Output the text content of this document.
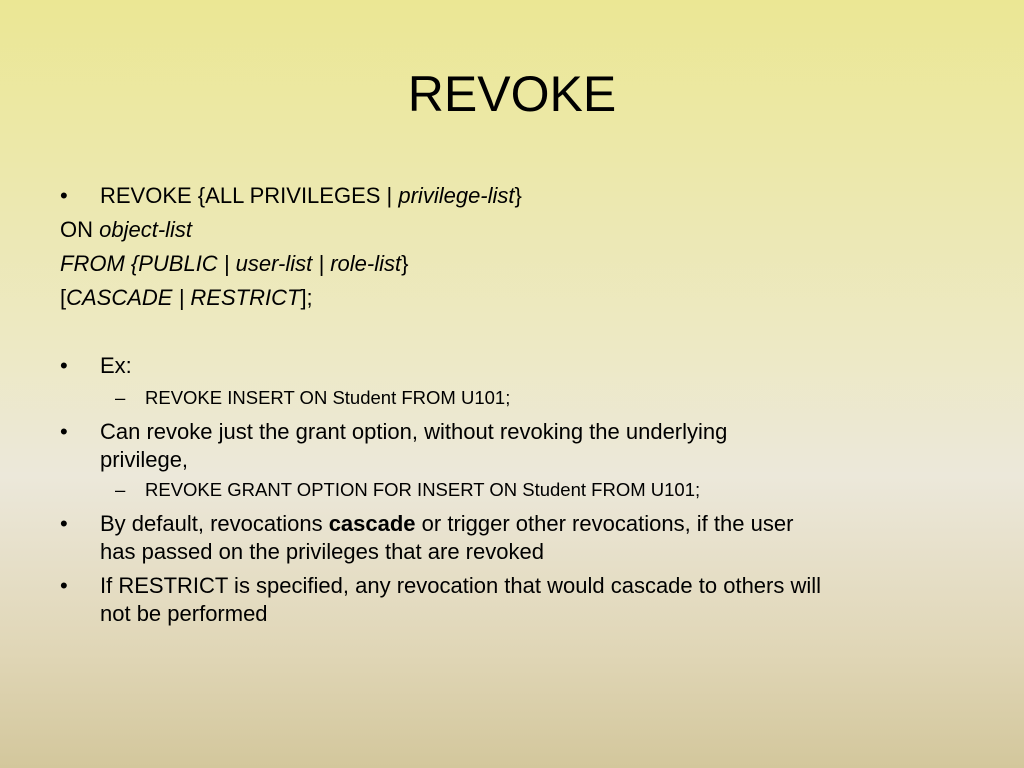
REVOKE
• REVOKE {ALL PRIVILEGES | privilege-list}
ON object-list
FROM {PUBLIC | user-list | role-list}
[CASCADE | RESTRICT];
• Ex:
– REVOKE INSERT ON Student FROM U101;
• Can revoke just the grant option, without revoking the underlying
privilege,
– REVOKE GRANT OPTION FOR INSERT ON Student FROM U101;
• By default, revocations cascade or trigger other revocations, if the user
has passed on the privileges that are revoked
• If RESTRICT is specified, any revocation that would cascade to others will
not be performed
